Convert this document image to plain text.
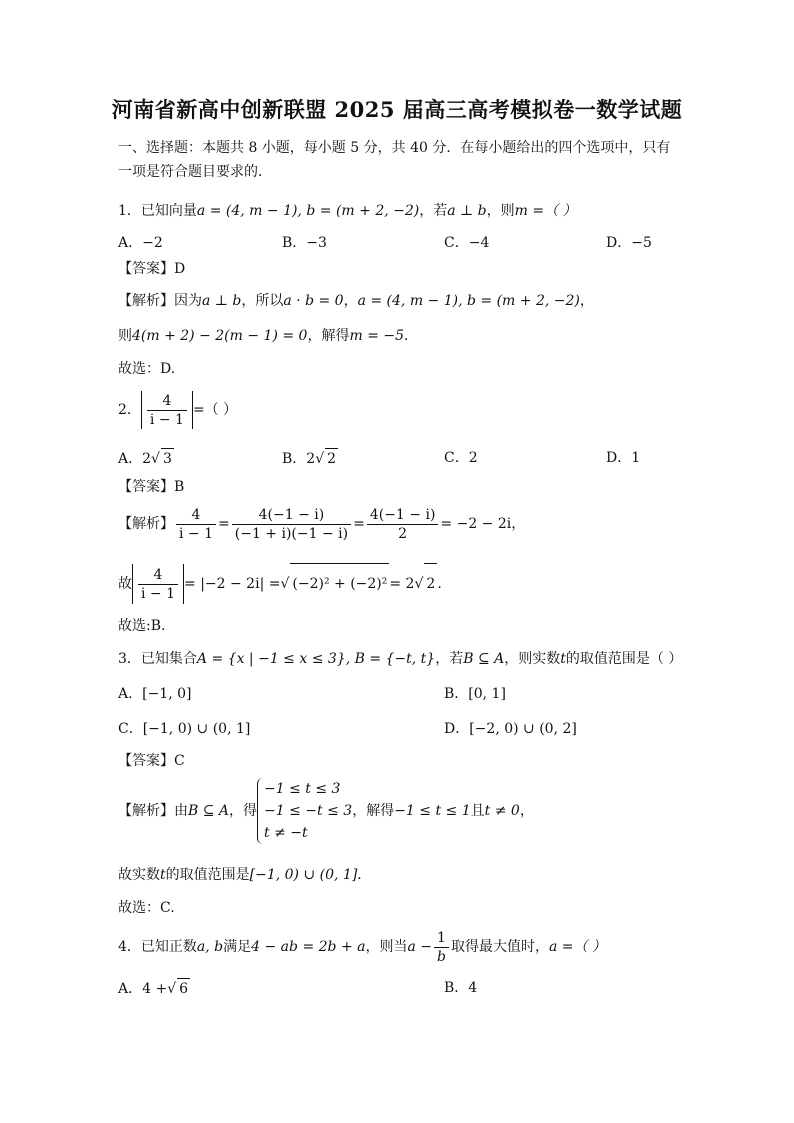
河南省新高中创新联盟 2025 届高三高考模拟卷一数学试题
一、选择题：本题共 8 小题，每小题 5 分，共 40 分．在每小题给出的四个选项中，只有一项是符合题目要求的．
1．已知向量a = (4, m − 1), b = (m + 2, −2)，若a ⊥ b，则m =（ ）
A．−2	B．−3	C．−4	D．−5
【答案】D
【解析】因为a ⊥ b，所以a · b = 0，a = (4, m − 1), b = (m + 2, −2)，
则4(m + 2) − 2(m − 1) = 0，解得m = −5．
故选：D.
2． $\frac{4}{i - 1}$ =（ ）
A．2√ 3	B．2√ 2	C．2	D．1
【答案】B
【解析】 $\frac{4}{i - 1} = \frac{4(-1 - i)}{(-1 + i)(-1 - i)} = \frac{4(-1 - i)}{2} = -2 - 2i$，
故 $\frac{4}{i - 1} = |-2 - 2i|$ =√ (−2)² + (−2)² = 2√ 2 .
故选:B.
3．已知集合A = {x | −1 ≤ x ≤ 3}, B = {−t, t}，若B ⊆ A，则实数t的取值范围是（ ）
A．[−1, 0]	B．[0, 1]
C．[−1, 0) ∪ (0, 1]	D．[−2, 0) ∪ (0, 2]
【答案】C
【解析】由B ⊆ A，得
−1 ≤ t ≤ 3
−1 ≤ −t ≤ 3
t ≠ −t
，解得−1 ≤ t ≤ 1且t ≠ 0，
故实数t的取值范围是[−1, 0) ∪ (0, 1]．
故选：C.
4．已知正数a, b满足4 − ab = 2b + a，则当$a - \frac{1}{b}$ 取得最大值时，a =（ ）
A．4 +√ 6	B．4
